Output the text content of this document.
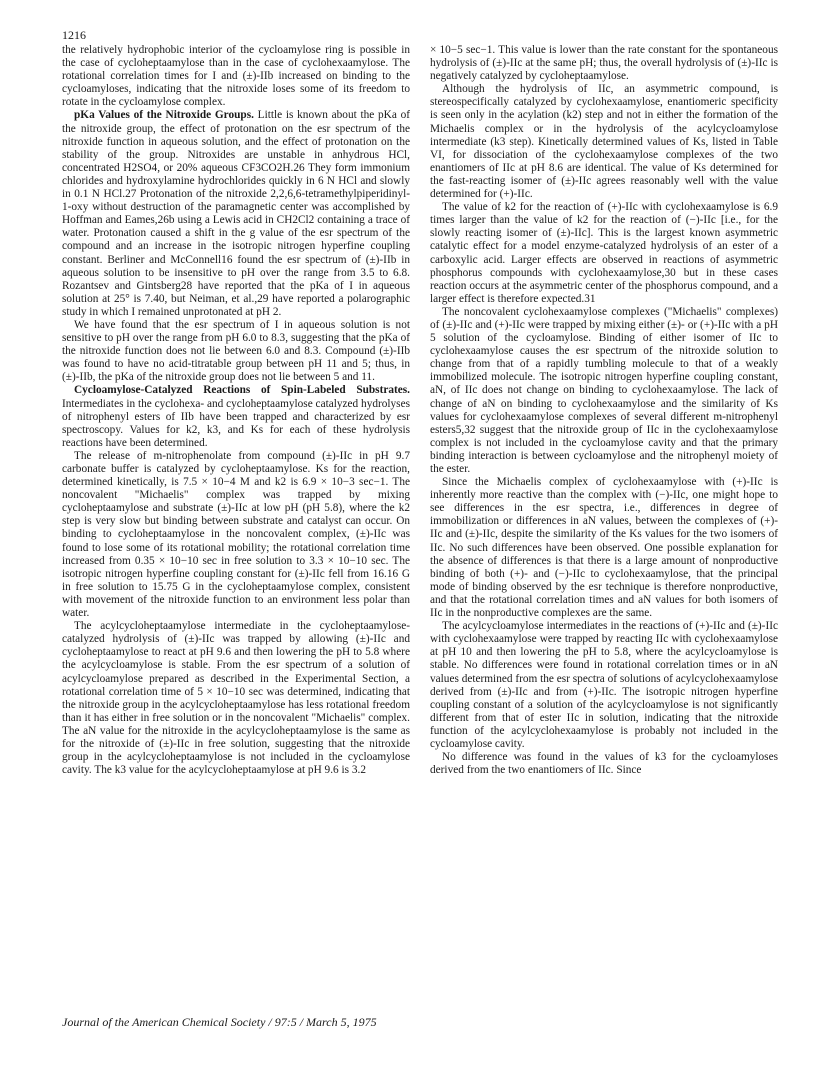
1216

the relatively hydrophobic interior of the cycloamylose ring is possible in the case of cycloheptaamylose than in the case of cyclohexaamylose. The rotational correlation times for I and (±)-IIb increased on binding to the cycloamyloses, indicating that the nitroxide loses some of its freedom to rotate in the cycloamylose complex.

pKa Values of the Nitroxide Groups. Little is known about the pKa of the nitroxide group, the effect of protonation on the esr spectrum of the nitroxide function in aqueous solution, and the effect of protonation on the stability of the group. Nitroxides are unstable in anhydrous HCl, concentrated H2SO4, or 20% aqueous CF3CO2H.26 They form immonium chlorides and hydroxylamine hydrochlorides quickly in 6 N HCl and slowly in 0.1 N HCl.27 Protonation of the nitroxide 2,2,6,6-tetramethylpiperidinyl-1-oxy without destruction of the paramagnetic center was accomplished by Hoffman and Eames,26b using a Lewis acid in CH2Cl2 containing a trace of water. Protonation caused a shift in the g value of the esr spectrum of the compound and an increase in the isotropic nitrogen hyperfine coupling constant. Berliner and McConnell16 found the esr spectrum of (±)-IIb in aqueous solution to be insensitive to pH over the range from 3.5 to 6.8. Rozantsev and Gintsberg28 have reported that the pKa of I in aqueous solution at 25° is 7.40, but Neiman, et al.,29 have reported a polarographic study in which I remained unprotonated at pH 2.

We have found that the esr spectrum of I in aqueous solution is not sensitive to pH over the range from pH 6.0 to 8.3, suggesting that the pKa of the nitroxide function does not lie between 6.0 and 8.3. Compound (±)-IIb was found to have no acid-titratable group between pH 11 and 5; thus, in (±)-IIb, the pKa of the nitroxide group does not lie between 5 and 11.

Cycloamylose-Catalyzed Reactions of Spin-Labeled Substrates. Intermediates in the cyclohexa- and cycloheptaamylose catalyzed hydrolyses of nitrophenyl esters of IIb have been trapped and characterized by esr spectroscopy. Values for k2, k3, and Ks for each of these hydrolysis reactions have been determined.

The release of m-nitrophenolate from compound (±)-IIc in pH 9.7 carbonate buffer is catalyzed by cycloheptaamylose. Ks for the reaction, determined kinetically, is 7.5 × 10−4 M and k2 is 6.9 × 10−3 sec−1. The noncovalent "Michaelis" complex was trapped by mixing cycloheptaamylose and substrate (±)-IIc at low pH (pH 5.8), where the k2 step is very slow but binding between substrate and catalyst can occur. On binding to cycloheptaamylose in the noncovalent complex, (±)-IIc was found to lose some of its rotational mobility; the rotational correlation time increased from 0.35 × 10−10 sec in free solution to 3.3 × 10−10 sec. The isotropic nitrogen hyperfine coupling constant for (±)-IIc fell from 16.16 G in free solution to 15.75 G in the cycloheptaamylose complex, consistent with movement of the nitroxide function to an environment less polar than water.

The acylcycloheptaamylose intermediate in the cycloheptaamylose-catalyzed hydrolysis of (±)-IIc was trapped by allowing (±)-IIc and cycloheptaamylose to react at pH 9.6 and then lowering the pH to 5.8 where the acylcycloamylose is stable. From the esr spectrum of a solution of acylcycloamylose prepared as described in the Experimental Section, a rotational correlation time of 5 × 10−10 sec was determined, indicating that the nitroxide group in the acylcycloheptaamylose has less rotational freedom than it has either in free solution or in the noncovalent "Michaelis" complex. The aN value for the nitroxide in the acylcycloheptaamylose is the same as for the nitroxide of (±)-IIc in free solution, suggesting that the nitroxide group in the acylcycloheptaamylose is not included in the cycloamylose cavity. The k3 value for the acylcycloheptaamylose at pH 9.6 is 3.2

× 10−5 sec−1. This value is lower than the rate constant for the spontaneous hydrolysis of (±)-IIc at the same pH; thus, the overall hydrolysis of (±)-IIc is negatively catalyzed by cycloheptaamylose.

Although the hydrolysis of IIc, an asymmetric compound, is stereospecifically catalyzed by cyclohexaamylose, enantiomeric specificity is seen only in the acylation (k2) step and not in either the formation of the Michaelis complex or in the hydrolysis of the acylcycloamylose intermediate (k3 step). Kinetically determined values of Ks, listed in Table VI, for dissociation of the cyclohexaamylose complexes of the two enantiomers of IIc at pH 8.6 are identical. The value of Ks determined for the fast-reacting isomer of (±)-IIc agrees reasonably well with the value determined for (+)-IIc.

The value of k2 for the reaction of (+)-IIc with cyclohexaamylose is 6.9 times larger than the value of k2 for the reaction of (−)-IIc [i.e., for the slowly reacting isomer of (±)-IIc]. This is the largest known asymmetric catalytic effect for a model enzyme-catalyzed hydrolysis of an ester of a carboxylic acid. Larger effects are observed in reactions of asymmetric phosphorus compounds with cyclohexaamylose,30 but in these cases reaction occurs at the asymmetric center of the phosphorus compound, and a larger effect is therefore expected.31

The noncovalent cyclohexaamylose complexes ("Michaelis" complexes) of (±)-IIc and (+)-IIc were trapped by mixing either (±)- or (+)-IIc with a pH 5 solution of the cycloamylose. Binding of either isomer of IIc to cyclohexaamylose causes the esr spectrum of the nitroxide solution to change from that of a rapidly tumbling molecule to that of a weakly immobilized molecule. The isotropic nitrogen hyperfine coupling constant, aN, of IIc does not change on binding to cyclohexaamylose. The lack of change of aN on binding to cyclohexaamylose and the similarity of Ks values for cyclohexaamylose complexes of several different m-nitrophenyl esters5,32 suggest that the nitroxide group of IIc in the cyclohexaamylose complex is not included in the cycloamylose cavity and that the primary binding interaction is between cycloamylose and the nitrophenyl moiety of the ester.

Since the Michaelis complex of cyclohexaamylose with (+)-IIc is inherently more reactive than the complex with (−)-IIc, one might hope to see differences in the esr spectra, i.e., differences in degree of immobilization or differences in aN values, between the complexes of (+)-IIc and (±)-IIc, despite the similarity of the Ks values for the two isomers of IIc. No such differences have been observed. One possible explanation for the absence of differences is that there is a large amount of nonproductive binding of both (+)- and (−)-IIc to cyclohexaamylose, that the principal mode of binding observed by the esr technique is therefore nonproductive, and that the rotational correlation times and aN values for both isomers of IIc in the nonproductive complexes are the same.

The acylcycloamylose intermediates in the reactions of (+)-IIc and (±)-IIc with cyclohexaamylose were trapped by reacting IIc with cyclohexaamylose at pH 10 and then lowering the pH to 5.8, where the acylcycloamylose is stable. No differences were found in rotational correlation times or in aN values determined from the esr spectra of solutions of acylcyclohexaamylose derived from (±)-IIc and from (+)-IIc. The isotropic nitrogen hyperfine coupling constant of a solution of the acylcycloamylose is not significantly different from that of ester IIc in solution, indicating that the nitroxide function of the acylcyclohexaamylose is probably not included in the cycloamylose cavity.

No difference was found in the values of k3 for the cycloamyloses derived from the two enantiomers of IIc. Since

Journal of the American Chemical Society / 97:5 / March 5, 1975
